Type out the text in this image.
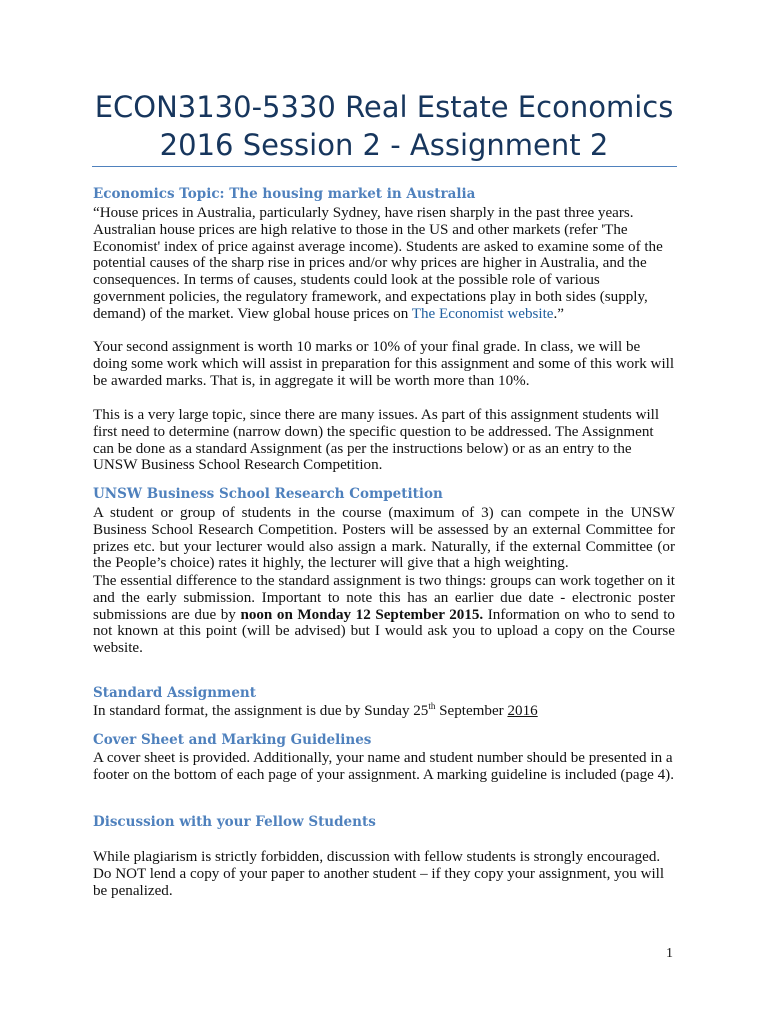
ECON3130-5330 Real Estate Economics
2016 Session 2 - Assignment 2
Economics Topic: The housing market in Australia

“House prices in Australia, particularly Sydney, have risen sharply in the past three years. Australian house prices are high relative to those in the US and other markets (refer 'The Economist' index of price against average income). Students are asked to examine some of the potential causes of the sharp rise in prices and/or why prices are higher in Australia, and the consequences. In terms of causes, students could look at the possible role of various government policies, the regulatory framework, and expectations play in both sides (supply, demand) of the market. View global house prices on The Economist website.”

Your second assignment is worth 10 marks or 10% of your final grade. In class, we will be doing some work which will assist in preparation for this assignment and some of this work will be awarded marks. That is, in aggregate it will be worth more than 10%.

This is a very large topic, since there are many issues. As part of this assignment students will first need to determine (narrow down) the specific question to be addressed. The Assignment can be done as a standard Assignment (as per the instructions below) or as an entry to the UNSW Business School Research Competition.

UNSW Business School Research Competition

A student or group of students in the course (maximum of 3) can compete in the UNSW Business School Research Competition. Posters will be assessed by an external Committee for prizes etc. but your lecturer would also assign a mark. Naturally, if the external Committee (or the People’s choice) rates it highly, the lecturer will give that a high weighting.

The essential difference to the standard assignment is two things: groups can work together on it and the early submission. Important to note this has an earlier due date - electronic poster submissions are due by noon on Monday 12 September 2015. Information on who to send to not known at this point (will be advised) but I would ask you to upload a copy on the Course website.

Standard Assignment

In standard format, the assignment is due by Sunday 25th September 2016

Cover Sheet and Marking Guidelines

A cover sheet is provided. Additionally, your name and student number should be presented in a footer on the bottom of each page of your assignment. A marking guideline is included (page 4).

Discussion with your Fellow Students

While plagiarism is strictly forbidden, discussion with fellow students is strongly encouraged. Do NOT lend a copy of your paper to another student – if they copy your assignment, you will be penalized.

1
